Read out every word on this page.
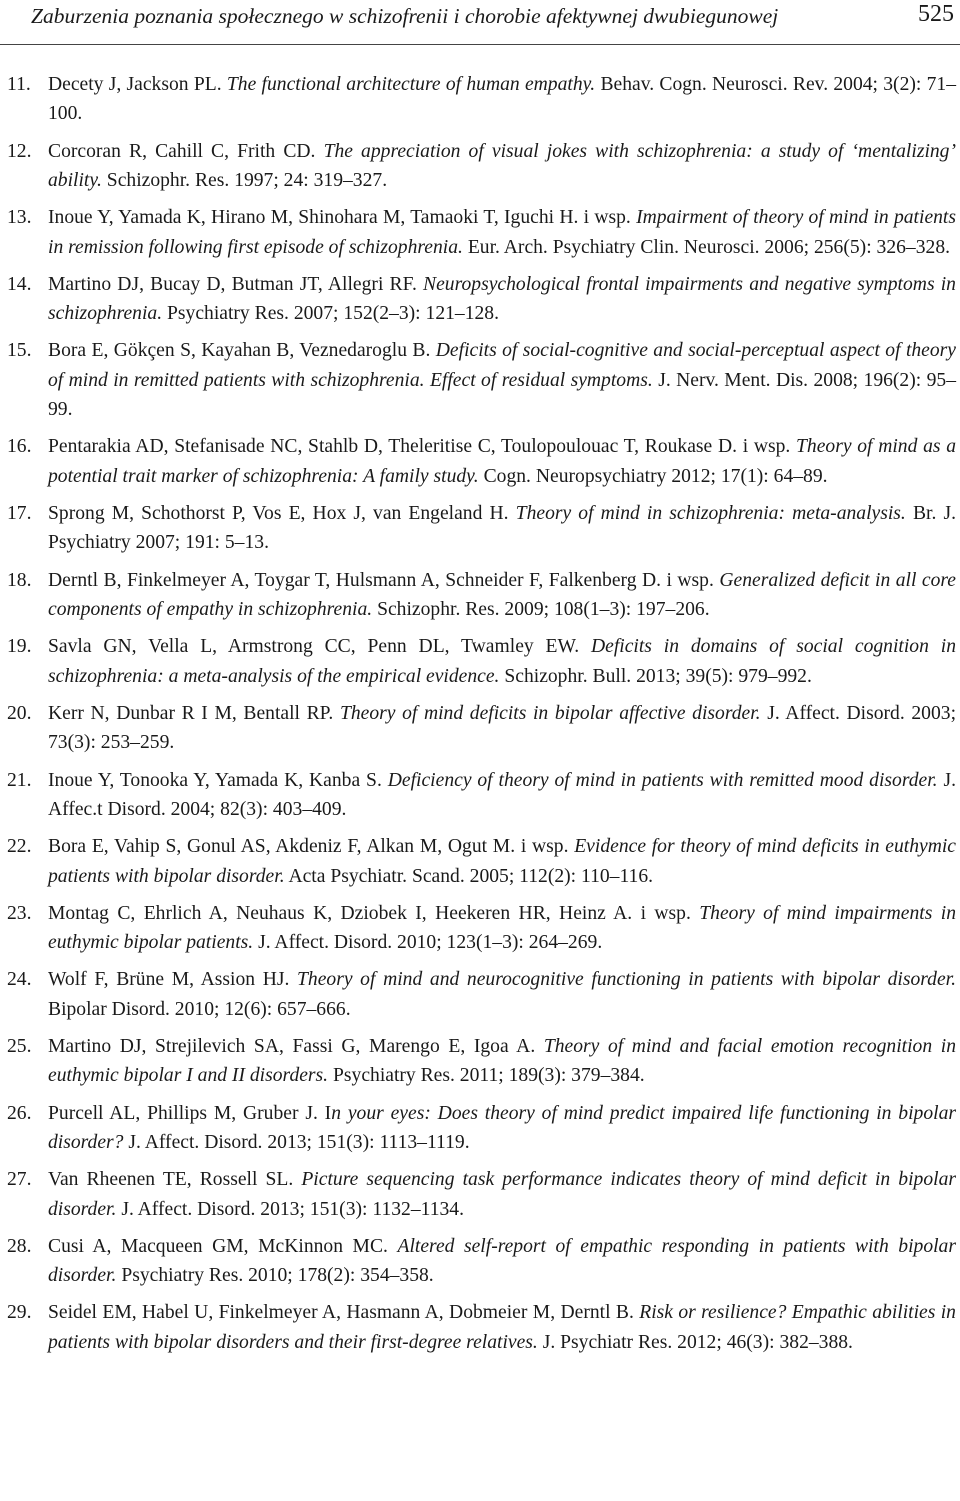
Zaburzenia poznania społecznego w schizofrenii i chorobie afektywnej dwubiegunowej	525
11. Decety J, Jackson PL. The functional architecture of human empathy. Behav. Cogn. Neurosci. Rev. 2004; 3(2): 71–100.
12. Corcoran R, Cahill C, Frith CD. The appreciation of visual jokes with schizophrenia: a study of ‘mentalizing’ ability. Schizophr. Res. 1997; 24: 319–327.
13. Inoue Y, Yamada K, Hirano M, Shinohara M, Tamaoki T, Iguchi H. i wsp. Impairment of theory of mind in patients in remission following first episode of schizophrenia. Eur. Arch. Psychiatry Clin. Neurosci. 2006; 256(5): 326–328.
14. Martino DJ, Bucay D, Butman JT, Allegri RF. Neuropsychological frontal impairments and negative symptoms in schizophrenia. Psychiatry Res. 2007; 152(2–3): 121–128.
15. Bora E, Gökçen S, Kayahan B, Veznedaroglu B. Deficits of social-cognitive and social-perceptual aspect of theory of mind in remitted patients with schizophrenia. Effect of residual symptoms. J. Nerv. Ment. Dis. 2008; 196(2): 95–99.
16. Pentarakia AD, Stefanisade NC, Stahlb D, Theleritise C, Toulopoulouac T, Roukase D. i wsp. Theory of mind as a potential trait marker of schizophrenia: A family study. Cogn. Neuropsychiatry 2012; 17(1): 64–89.
17. Sprong M, Schothorst P, Vos E, Hox J, van Engeland H. Theory of mind in schizophrenia: meta-analysis. Br. J. Psychiatry 2007; 191: 5–13.
18. Derntl B, Finkelmeyer A, Toygar T, Hulsmann A, Schneider F, Falkenberg D. i wsp. Generalized deficit in all core components of empathy in schizophrenia. Schizophr. Res. 2009; 108(1–3): 197–206.
19. Savla GN, Vella L, Armstrong CC, Penn DL, Twamley EW. Deficits in domains of social cognition in schizophrenia: a meta-analysis of the empirical evidence. Schizophr. Bull. 2013; 39(5): 979–992.
20. Kerr N, Dunbar R I M, Bentall RP. Theory of mind deficits in bipolar affective disorder. J. Affect. Disord. 2003; 73(3): 253–259.
21. Inoue Y, Tonooka Y, Yamada K, Kanba S. Deficiency of theory of mind in patients with remitted mood disorder. J. Affec.t Disord. 2004; 82(3): 403–409.
22. Bora E, Vahip S, Gonul AS, Akdeniz F, Alkan M, Ogut M. i wsp. Evidence for theory of mind deficits in euthymic patients with bipolar disorder. Acta Psychiatr. Scand. 2005; 112(2): 110–116.
23. Montag C, Ehrlich A, Neuhaus K, Dziobek I, Heekeren HR, Heinz A. i wsp. Theory of mind impairments in euthymic bipolar patients. J. Affect. Disord. 2010; 123(1–3): 264–269.
24. Wolf F, Brüne M, Assion HJ. Theory of mind and neurocognitive functioning in patients with bipolar disorder. Bipolar Disord. 2010; 12(6): 657–666.
25. Martino DJ, Strejilevich SA, Fassi G, Marengo E, Igoa A. Theory of mind and facial emotion recognition in euthymic bipolar I and II disorders. Psychiatry Res. 2011; 189(3): 379–384.
26. Purcell AL, Phillips M, Gruber J. In your eyes: Does theory of mind predict impaired life functioning in bipolar disorder? J. Affect. Disord. 2013; 151(3): 1113–1119.
27. Van Rheenen TE, Rossell SL. Picture sequencing task performance indicates theory of mind deficit in bipolar disorder. J. Affect. Disord. 2013; 151(3): 1132–1134.
28. Cusi A, Macqueen GM, McKinnon MC. Altered self-report of empathic responding in patients with bipolar disorder. Psychiatry Res. 2010; 178(2): 354–358.
29. Seidel EM, Habel U, Finkelmeyer A, Hasmann A, Dobmeier M, Derntl B. Risk or resilience? Empathic abilities in patients with bipolar disorders and their first-degree relatives. J. Psychiatr Res. 2012; 46(3): 382–388.
